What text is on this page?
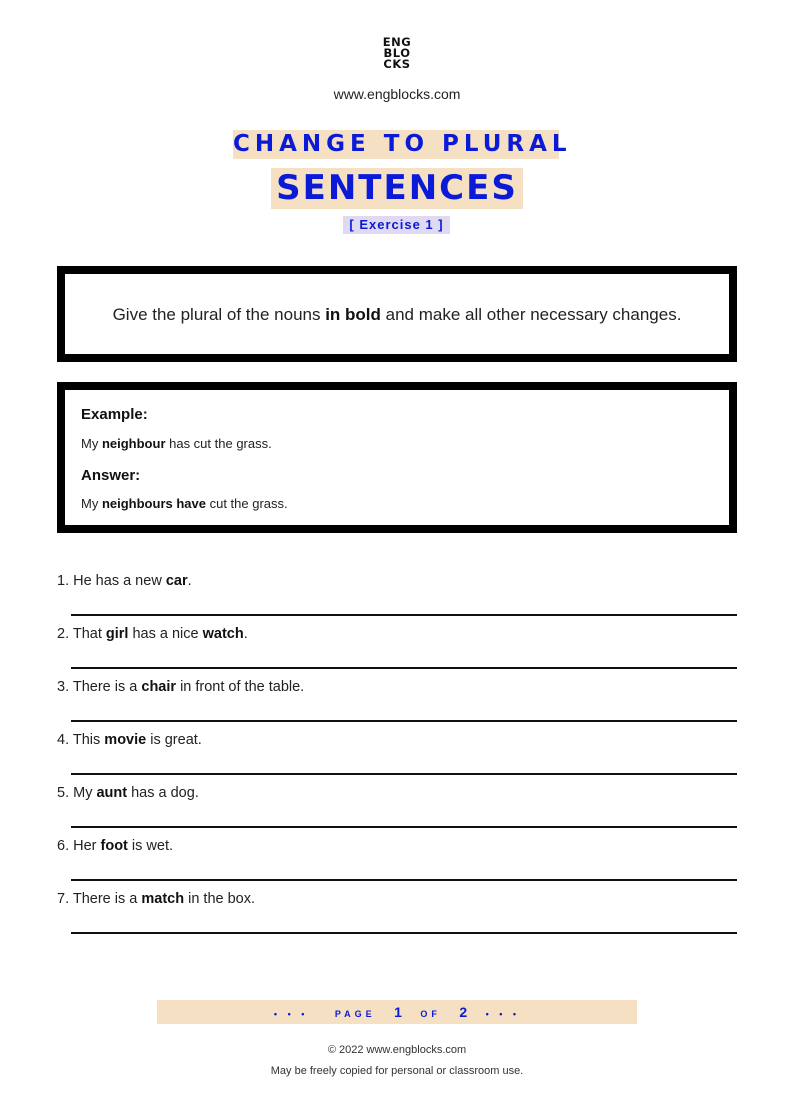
ENG
BLO
CKS
www.engblocks.com
CHANGE TO PLURAL
SENTENCES
[ Exercise 1 ]
Give the plural of the nouns in bold and make all other necessary changes.
Example:
My neighbour has cut the grass.
Answer:
My neighbours have cut the grass.
1. He has a new car.
2. That girl has a nice watch.
3. There is a chair in front of the table.
4. This movie is great.
5. My aunt has a dog.
6. Her foot is wet.
7. There is a match in the box.
• • •	PAGE 1 OF 2 • • •
© 2022 www.engblocks.com
May be freely copied for personal or classroom use.
